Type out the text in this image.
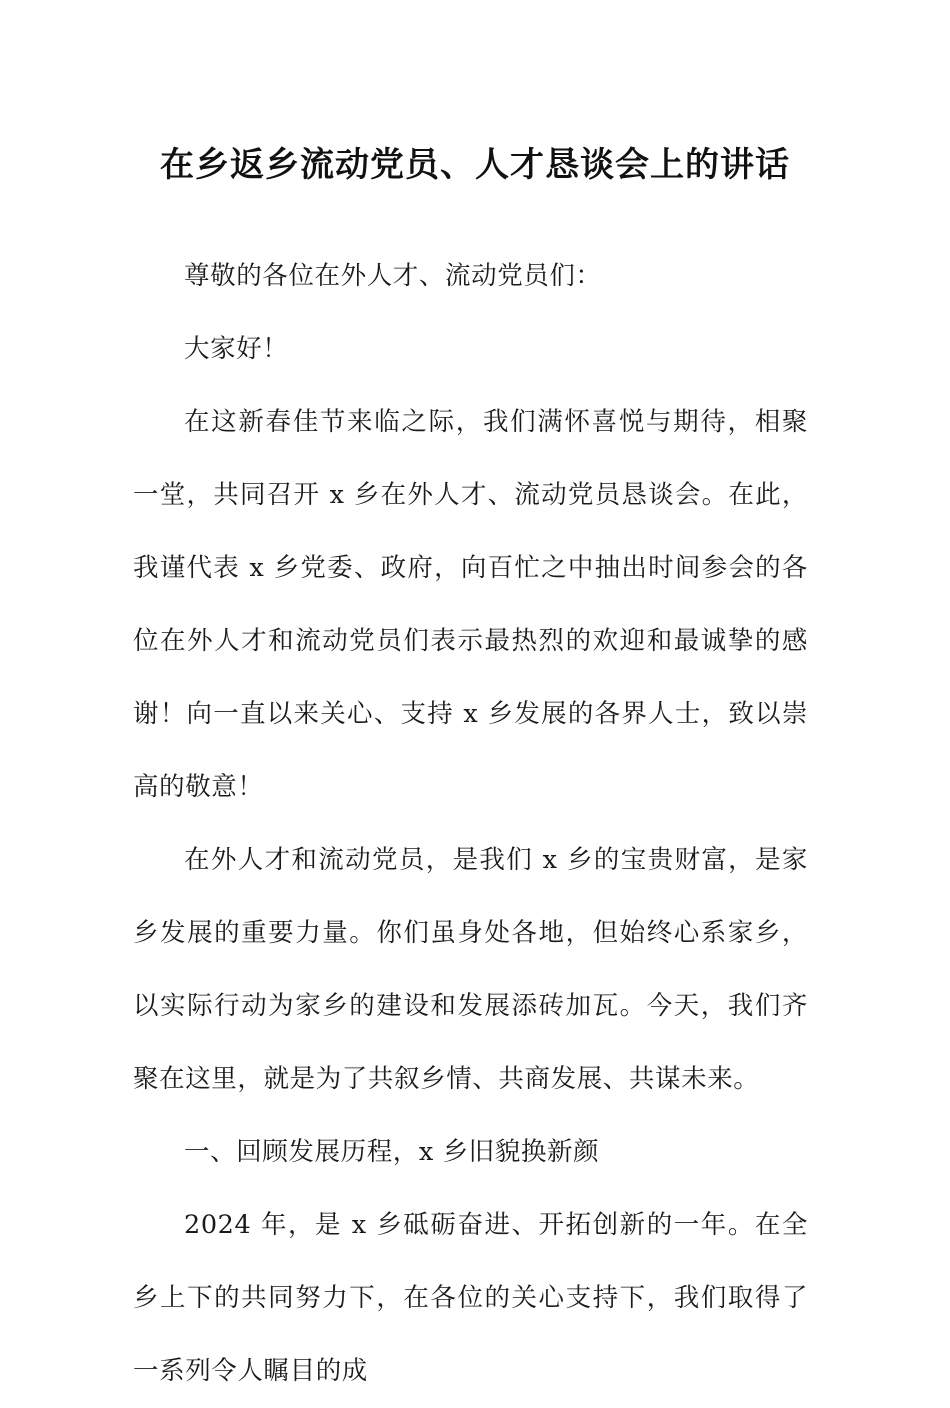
在乡返乡流动党员、人才恳谈会上的讲话

尊敬的各位在外人才、流动党员们：

大家好！

在这新春佳节来临之际，我们满怀喜悦与期待，相聚一堂，共同召开 x 乡在外人才、流动党员恳谈会。在此，我谨代表 x 乡党委、政府，向百忙之中抽出时间参会的各位在外人才和流动党员们表示最热烈的欢迎和最诚挚的感谢！向一直以来关心、支持 x 乡发展的各界人士，致以崇高的敬意！

在外人才和流动党员，是我们 x 乡的宝贵财富，是家乡发展的重要力量。你们虽身处各地，但始终心系家乡，以实际行动为家乡的建设和发展添砖加瓦。今天，我们齐聚在这里，就是为了共叙乡情、共商发展、共谋未来。

一、回顾发展历程，x 乡旧貌换新颜

2024 年，是 x 乡砥砺奋进、开拓创新的一年。在全乡上下的共同努力下，在各位的关心支持下，我们取得了一系列令人瞩目的成
